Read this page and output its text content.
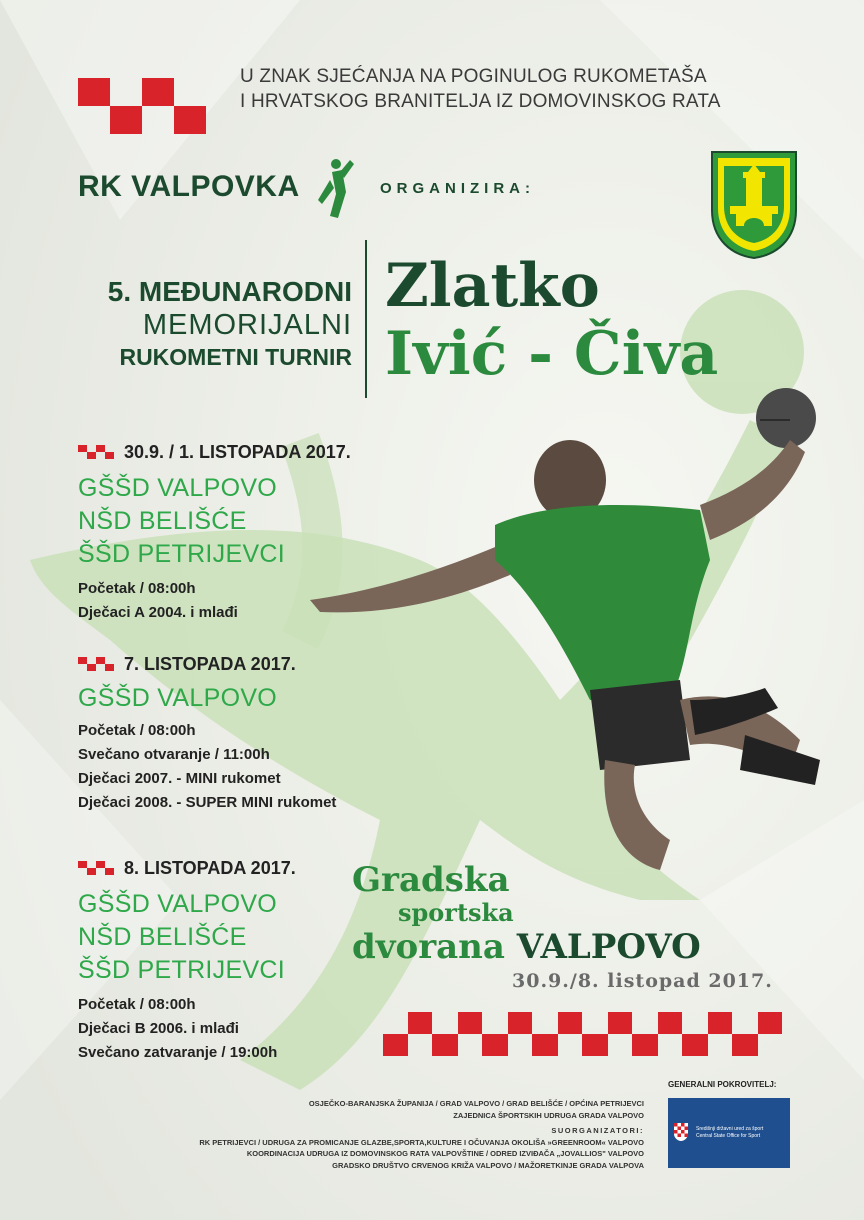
U ZNAK SJEĆANJA NA POGINULOG RUKOMETAŠA
I HRVATSKOG BRANITELJA IZ DOMOVINSKOG RATA
RK VALPOVKA	ORGANIZIRA:
5. MEĐUNARODNI
MEMORIJALNI
RUKOMETNI TURNIR
Zlatko
Ivić - Čiva
30.9. / 1. LISTOPADA 2017.
GŠŠD VALPOVO
NŠD BELIŠĆE
ŠŠD PETRIJEVCI
Početak / 08:00h
Dječaci A 2004. i mlađi
7. LISTOPADA 2017.
GŠŠD VALPOVO
Početak / 08:00h
Svečano otvaranje / 11:00h
Dječaci 2007. - MINI rukomet
Dječaci 2008. - SUPER MINI rukomet
8. LISTOPADA 2017.
GŠŠD VALPOVO
NŠD BELIŠĆE
ŠŠD PETRIJEVCI
Početak / 08:00h
Dječaci B 2006. i mlađi
Svečano zatvaranje / 19:00h
Gradska
sportska
dvorana VALPOVO
30.9./8. listopad 2017.
OSJEČKO-BARANJSKA ŽUPANIJA / GRAD VALPOVO / GRAD BELIŠĆE / OPĆINA PETRIJEVCI
ZAJEDNICA ŠPORTSKIH UDRUGA GRADA VALPOVO
SUORGANIZATORI:
RK PETRIJEVCI / UDRUGA ZA PROMICANJE GLAZBE,SPORTA,KULTURE I OČUVANJA OKOLIŠA »GREENROOM« VALPOVO
KOORDINACIJA UDRUGA IZ DOMOVINSKOG RATA VALPOVŠTINE / ODRED IZVIĐAČA „JOVALLIOS" VALPOVO
GRADSKO DRUŠTVO CRVENOG KRIŽA VALPOVO / MAŽORETKINJE GRADA VALPOVA
GENERALNI POKROVITELJ:
Središnji državni ured za šport
Central State Office for Sport
